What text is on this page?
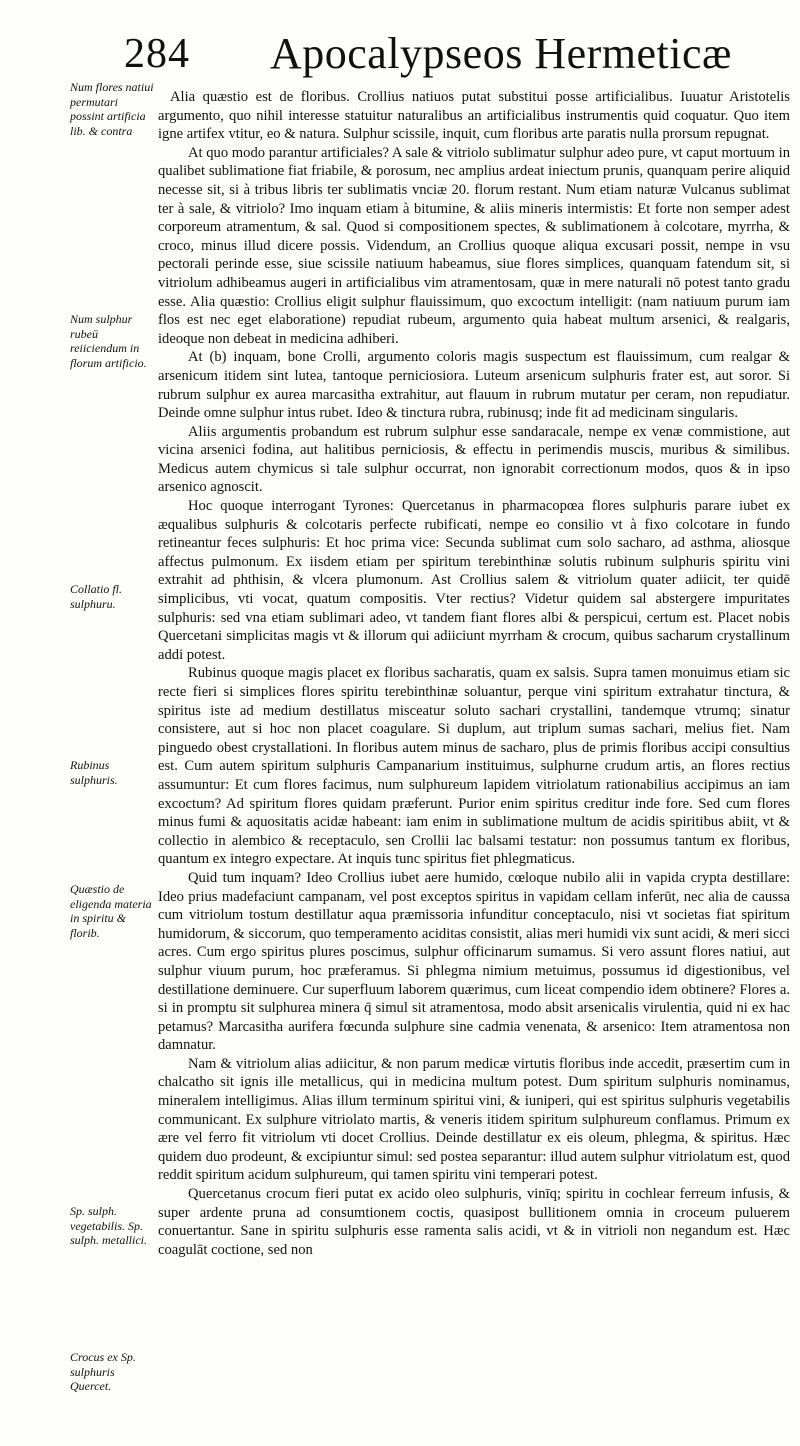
284 Apocalypseos Hermeticæ
Num flores natiui permutari possint artificia lib. & contra
Num sulphur rubeū reiiciendum in florum artificio.
Collatio fl. sulphuru.
Rubinus sulphuris.
Quæstio de eligenda materia in spiritu & florib.
Sp. sulph. vegetabilis. Sp. sulph. metallici.
Crocus ex Sp. sulphuris Quercet.

Alia quæstio est de floribus. Crollius natiuos putat substitui posse artificialibus. Iuuatur Aristotelis argumento, quo nihil interesse statuitur naturalibus an artificialibus instrumentis quid coquatur. Quo item igne artifex vtitur, eo & natura. Sulphur scissile, inquit, cum floribus arte paratis nulla prorsum repugnat.

At quo modo parantur artificiales? A sale & vitriolo sublimatur sulphur adeo pure, vt caput mortuum in qualibet sublimatione fiat friabile, & porosum, nec amplius ardeat iniectum prunis, quanquam perire aliquid necesse sit, si à tribus libris ter sublimatis vnciæ 20. florum restant. Num etiam naturæ Vulcanus sublimat ter à sale, & vitriolo? Imo inquam etiam à bitumine, & aliis mineris intermistis: Et forte non semper adest corporeum atramentum, & sal. Quod si compositionem spectes, & sublimationem à colcotare, myrrha, & croco, minus illud dicere possis. Videndum, an Crollius quoque aliqua excusari possit, nempe in vsu pectorali perinde esse, siue scissile natiuum habeamus, siue flores simplices, quanquam fatendum sit, si vitriolum adhibeamus augeri in artificialibus vim atramentosam, quæ in mere naturali nō potest tanto gradu esse. Alia quæstio: Crollius eligit sulphur flauissimum, quo excoctum intelligit: (nam natiuum purum iam flos est nec eget elaboratione) repudiat rubeum, argumento quia habeat multum arsenici, & realgaris, ideoque non debeat in medicina adhiberi.

At (b) inquam, bone Crolli, argumento coloris magis suspectum est flauissimum, cum realgar & arsenicum itidem sint lutea, tantoque perniciosiora. Luteum arsenicum sulphuris frater est, aut soror. Si rubrum sulphur ex aurea marcasitha extrahitur, aut flauum in rubrum mutatur per ceram, non repudiatur. Deinde omne sulphur intus rubet. Ideo & tinctura rubra, rubinusq; inde fit ad medicinam singularis.

Aliis argumentis probandum est rubrum sulphur esse sandaracale, nempe ex venæ commistione, aut vicina arsenici fodina, aut halitibus perniciosis, & effectu in perimendis muscis, muribus & similibus. Medicus autem chymicus si tale sulphur occurrat, non ignorabit correctionum modos, quos & in ipso arsenico agnoscit.

Hoc quoque interrogant Tyrones: Quercetanus in pharmacopœa flores sulphuris parare iubet ex æqualibus sulphuris & colcotaris perfecte rubificati, nempe eo consilio vt à fixo colcotare in fundo retineantur feces sulphuris: Et hoc prima vice: Secunda sublimat cum solo sacharo, ad asthma, aliosque affectus pulmonum. Ex iisdem etiam per spiritum terebinthinæ solutis rubinum sulphuris spiritu vini extrahit ad phthisin, & vlcera plumonum. Ast Crollius salem & vitriolum quater adiicit, ter quidē simplicibus, vti vocat, quatum compositis. Vter rectius? Videtur quidem sal abstergere impuritates sulphuris: sed vna etiam sublimari adeo, vt tandem fiant flores albi & perspicui, certum est. Placet nobis Quercetani simplicitas magis vt & illorum qui adiiciunt myrrham & crocum, quibus sacharum crystallinum addi potest.

Rubinus quoque magis placet ex floribus sacharatis, quam ex salsis. Supra tamen monuimus etiam sic recte fieri si simplices flores spiritu terebinthinæ soluantur, perque vini spiritum extrahatur tinctura, & spiritus iste ad medium destillatus misceatur soluto sachari crystallini, tandemque vtrumq; sinatur consistere, aut si hoc non placet coagulare. Si duplum, aut triplum sumas sachari, melius fiet. Nam pinguedo obest crystallationi. In floribus autem minus de sacharo, plus de primis floribus accipi consultius est. Cum autem spiritum sulphuris Campanarium instituimus, sulphurne crudum artis, an flores rectius assumuntur: Et cum flores facimus, num sulphureum lapidem vitriolatum rationabilius accipimus an iam excoctum? Ad spiritum flores quidam præferunt. Purior enim spiritus creditur inde fore. Sed cum flores minus fumi & aquositatis acidæ habeant: iam enim in sublimatione multum de acidis spiritibus abiit, vt & collectio in alembico & receptaculo, sen Crollii lac balsami testatur: non possumus tantum ex floribus, quantum ex integro expectare. At inquis tunc spiritus fiet phlegmaticus.

Quid tum inquam? Ideo Crollius iubet aere humido, cœloque nubilo alii in vapida crypta destillare: Ideo prius madefaciunt campanam, vel post exceptos spiritus in vapidam cellam inferūt, nec alia de caussa cum vitriolum tostum destillatur aqua præmissoria infunditur conceptaculo, nisi vt societas fiat spiritum humidorum, & siccorum, quo temperamento aciditas consistit, alias meri humidi vix sunt acidi, & meri sicci acres. Cum ergo spiritus plures poscimus, sulphur officinarum sumamus. Si vero assunt flores natiui, aut sulphur viuum purum, hoc præferamus. Si phlegma nimium metuimus, possumus id digestionibus, vel destillatione deminuere. Cur superfluum laborem quærimus, cum liceat compendio idem obtinere? Flores a. si in promptu sit sulphurea minera q̄ simul sit atramentosa, modo absit arsenicalis virulentia, quid ni ex hac petamus? Marcasitha aurifera fœcunda sulphure sine cadmia venenata, & arsenico: Item atramentosa non damnatur.

Nam & vitriolum alias adiicitur, & non parum medicæ virtutis floribus inde accedit, præsertim cum in chalcatho sit ignis ille metallicus, qui in medicina multum potest. Dum spiritum sulphuris nominamus, mineralem intelligimus. Alias illum terminum spiritui vini, & iuniperi, qui est spiritus sulphuris vegetabilis communicant. Ex sulphure vitriolato martis, & veneris itidem spiritum sulphureum conflamus. Primum ex ære vel ferro fit vitriolum vti docet Crollius. Deinde destillatur ex eis oleum, phlegma, & spiritus. Hæc quidem duo prodeunt, & excipiuntur simul: sed postea separantur: illud autem sulphur vitriolatum est, quod reddit spiritum acidum sulphureum, qui tamen spiritu vini temperari potest.

Quercetanus crocum fieri putat ex acido oleo sulphuris, vinīq; spiritu in cochlear ferreum infusis, & super ardente pruna ad consumtionem coctis, quasipost bullitionem omnia in croceum puluerem conuertantur. Sane in spiritu sulphuris esse ramenta salis acidi, vt & in vitrioli non negandum est. Hæc coagulāt coctione, sed non
